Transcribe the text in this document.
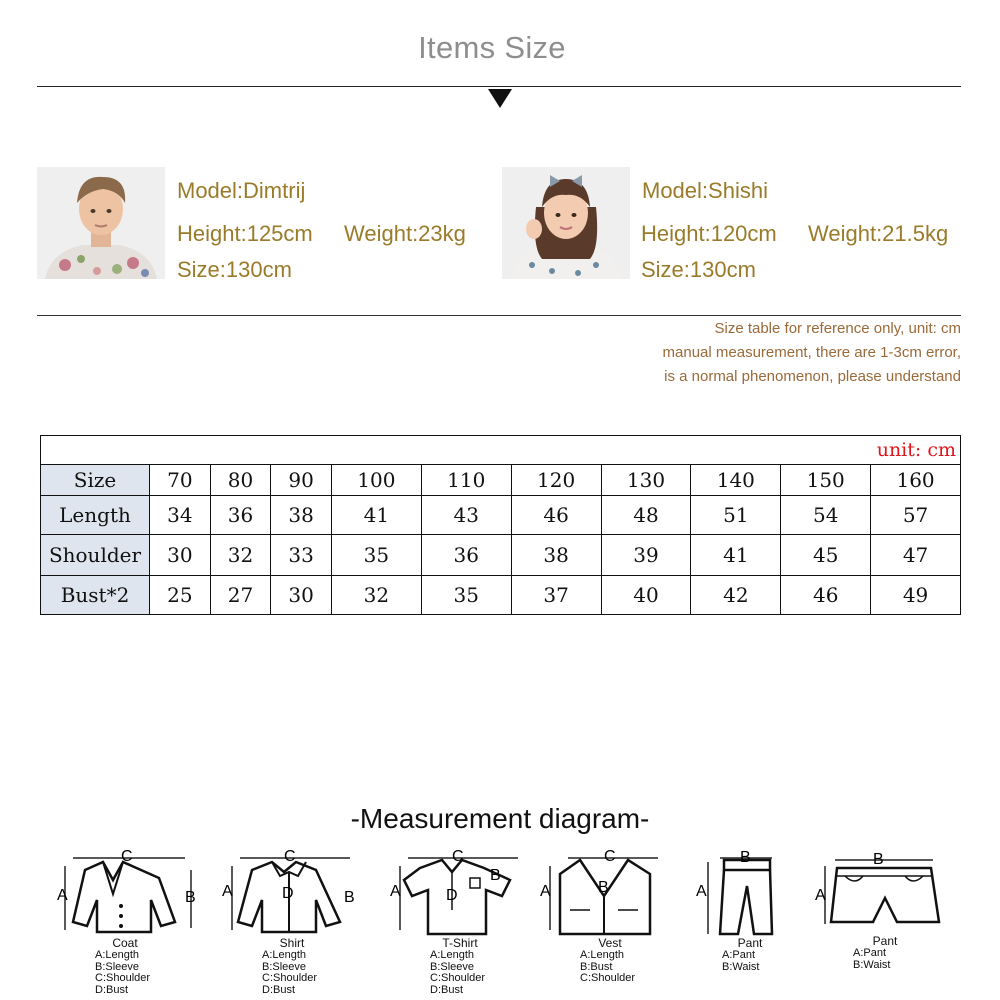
Items Size
Model:Dimtrij
Height:125cm Weight:23kg
Size:130cm
Model:Shishi
Height:120cm Weight:21.5kg
Size:130cm
Size table for reference only, unit: cm
manual measurement, there are 1-3cm error,
is a normal phenomenon, please understand
unit: cm										
Size	70	80	90	100	110	120	130	140	150	160
Length	34	36	38	41	43	46	48	51	54	57
Shoulder	30	32	33	35	36	38	39	41	45	47
Bust*2	25	27	30	32	35	37	40	42	46	49
-Measurement diagram-
C
A	B
Coat
A:Length
B:Sleeve
C:Shoulder
D:Bust
C
A	D	B
Shirt
A:Length
B:Sleeve
C:Shoulder
D:Bust
C
A	D
B
T-Shirt
A:Length
B:Sleeve
C:Shoulder
D:Bust
C
A	B
Vest
A:Length
B:Bust
C:Shoulder
B
A
Pant
A:Pant
B:Waist
B
A
Pant
A:Pant
B:Waist
